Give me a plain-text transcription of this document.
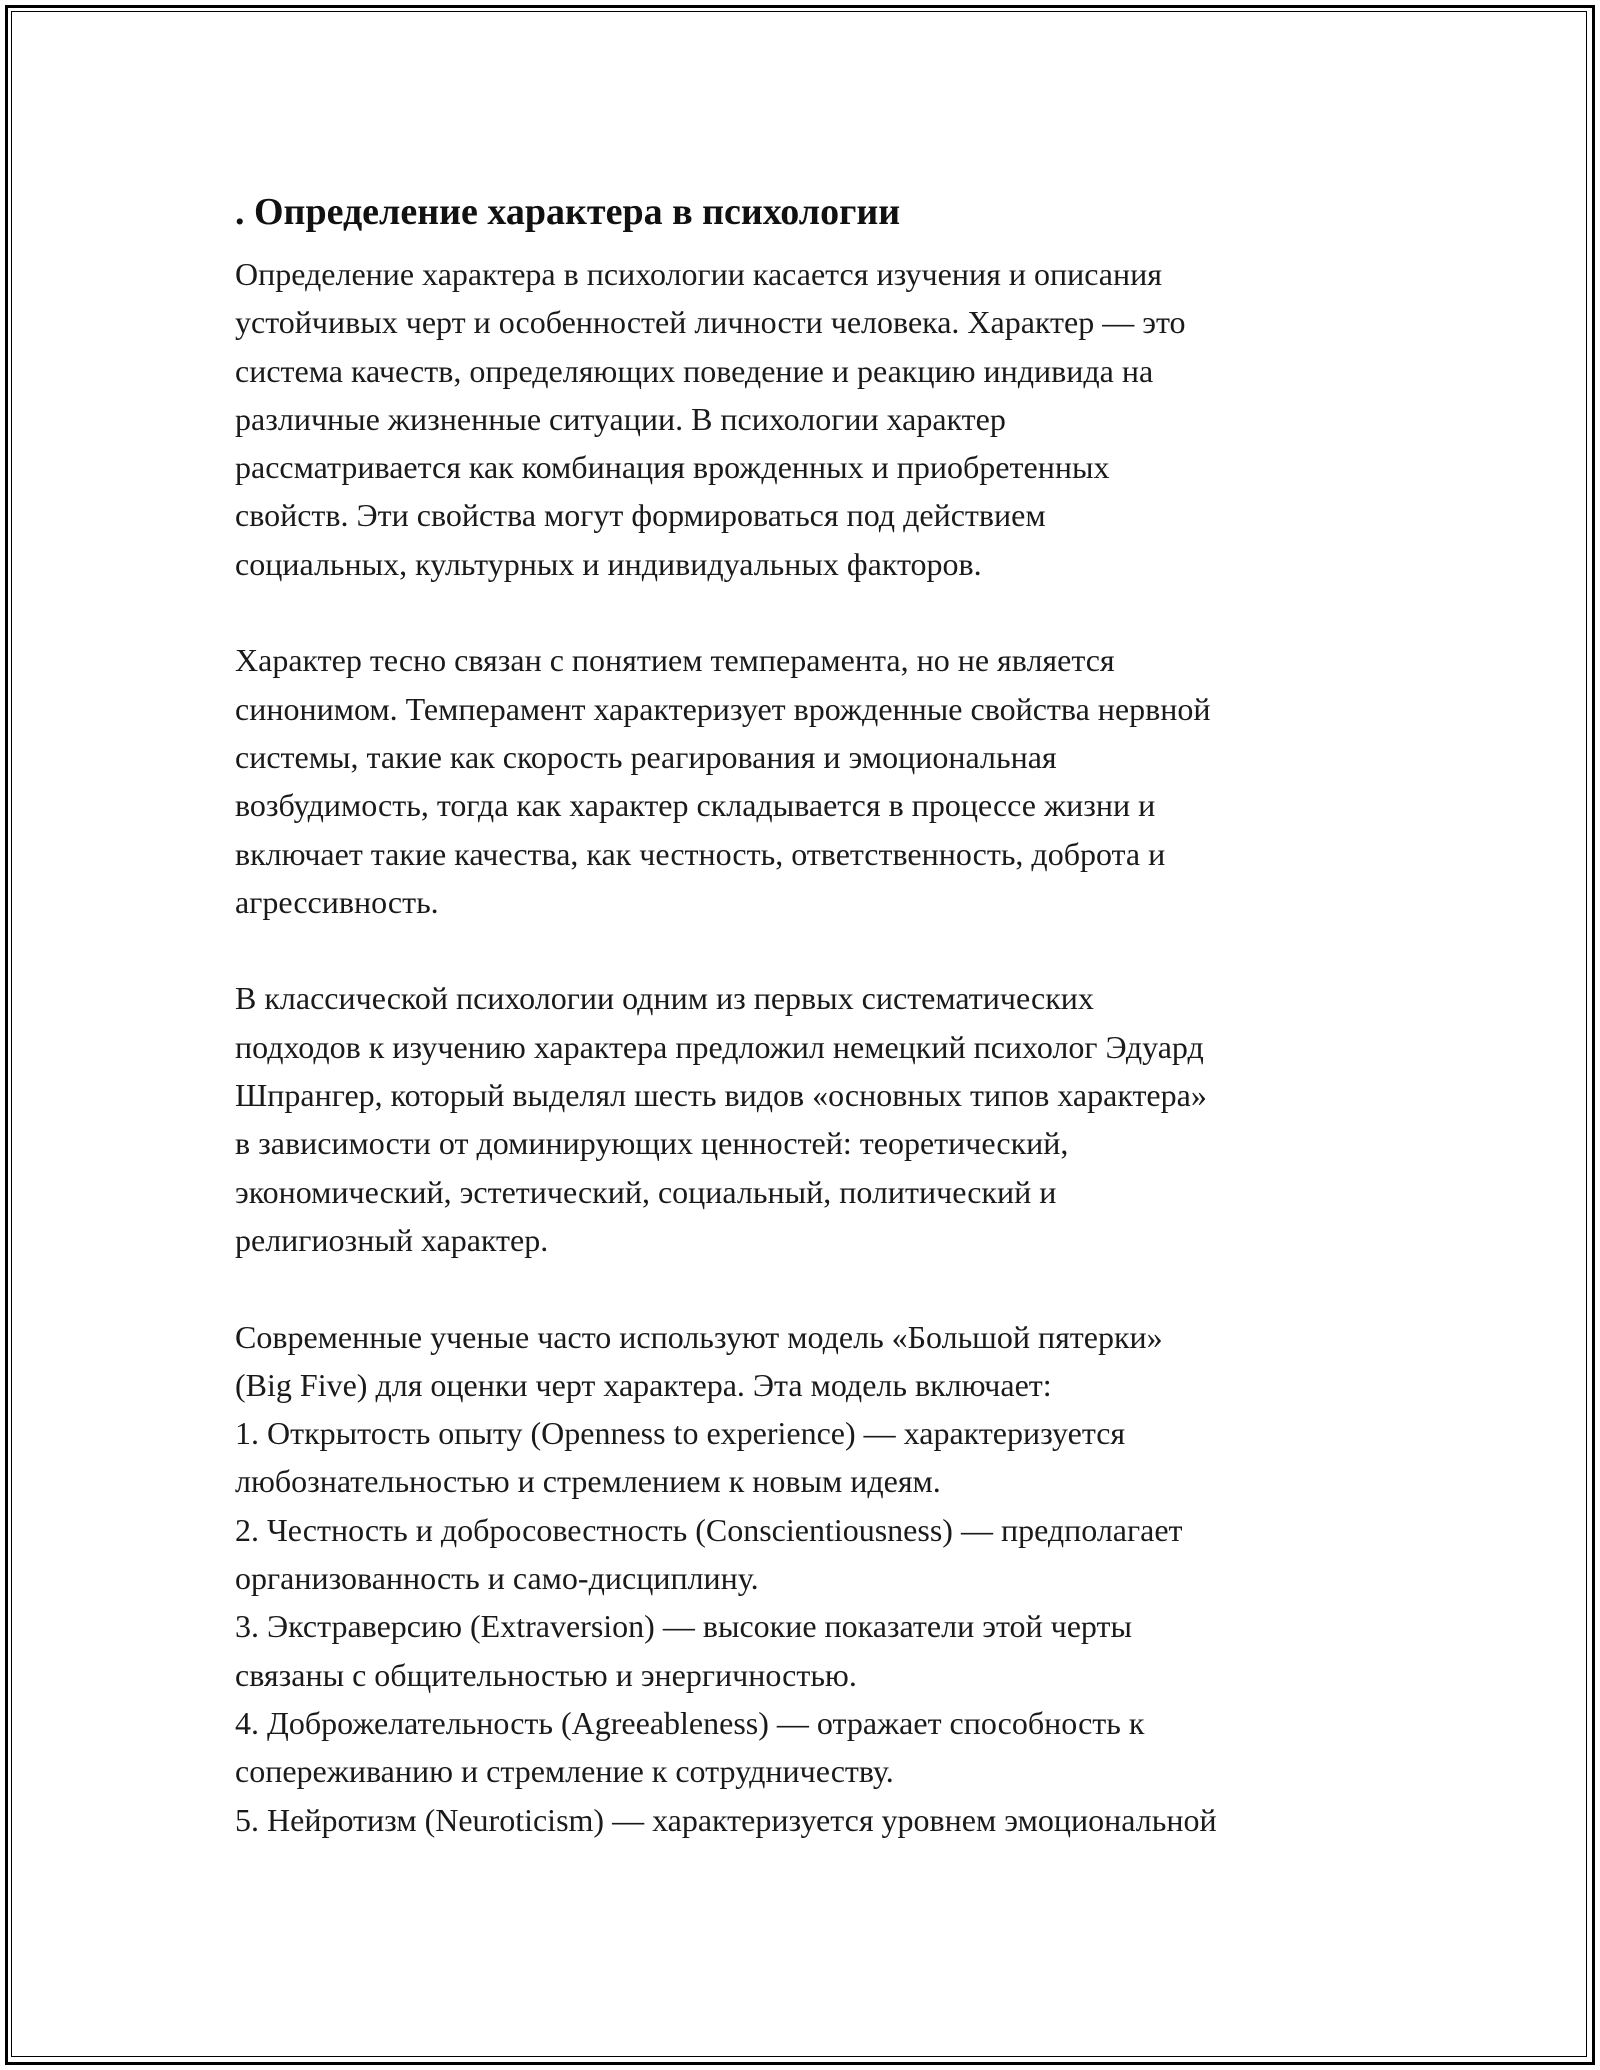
. Определение характера в психологии
Определение характера в психологии касается изучения и описания
устойчивых черт и особенностей личности человека. Характер — это
система качеств, определяющих поведение и реакцию индивида на
различные жизненные ситуации. В психологии характер
рассматривается как комбинация врожденных и приобретенных
свойств. Эти свойства могут формироваться под действием
социальных, культурных и индивидуальных факторов.
Характер тесно связан с понятием темперамента, но не является
синонимом. Темперамент характеризует врожденные свойства нервной
системы, такие как скорость реагирования и эмоциональная
возбудимость, тогда как характер складывается в процессе жизни и
включает такие качества, как честность, ответственность, доброта и
агрессивность.
В классической психологии одним из первых систематических
подходов к изучению характера предложил немецкий психолог Эдуард
Шпрангер, который выделял шесть видов «основных типов характера»
в зависимости от доминирующих ценностей: теоретический,
экономический, эстетический, социальный, политический и
религиозный характер.
Современные ученые часто используют модель «Большой пятерки»
(Big Five) для оценки черт характера. Эта модель включает:
1. Открытость опыту (Openness to experience) — характеризуется
любознательностью и стремлением к новым идеям.
2. Честность и добросовестность (Conscientiousness) — предполагает
организованность и само-дисциплину.
3. Экстраверсию (Extraversion) — высокие показатели этой черты
связаны с общительностью и энергичностью.
4. Доброжелательность (Agreeableness) — отражает способность к
сопереживанию и стремление к сотрудничеству.
5. Нейротизм (Neuroticism) — характеризуется уровнем эмоциональной
